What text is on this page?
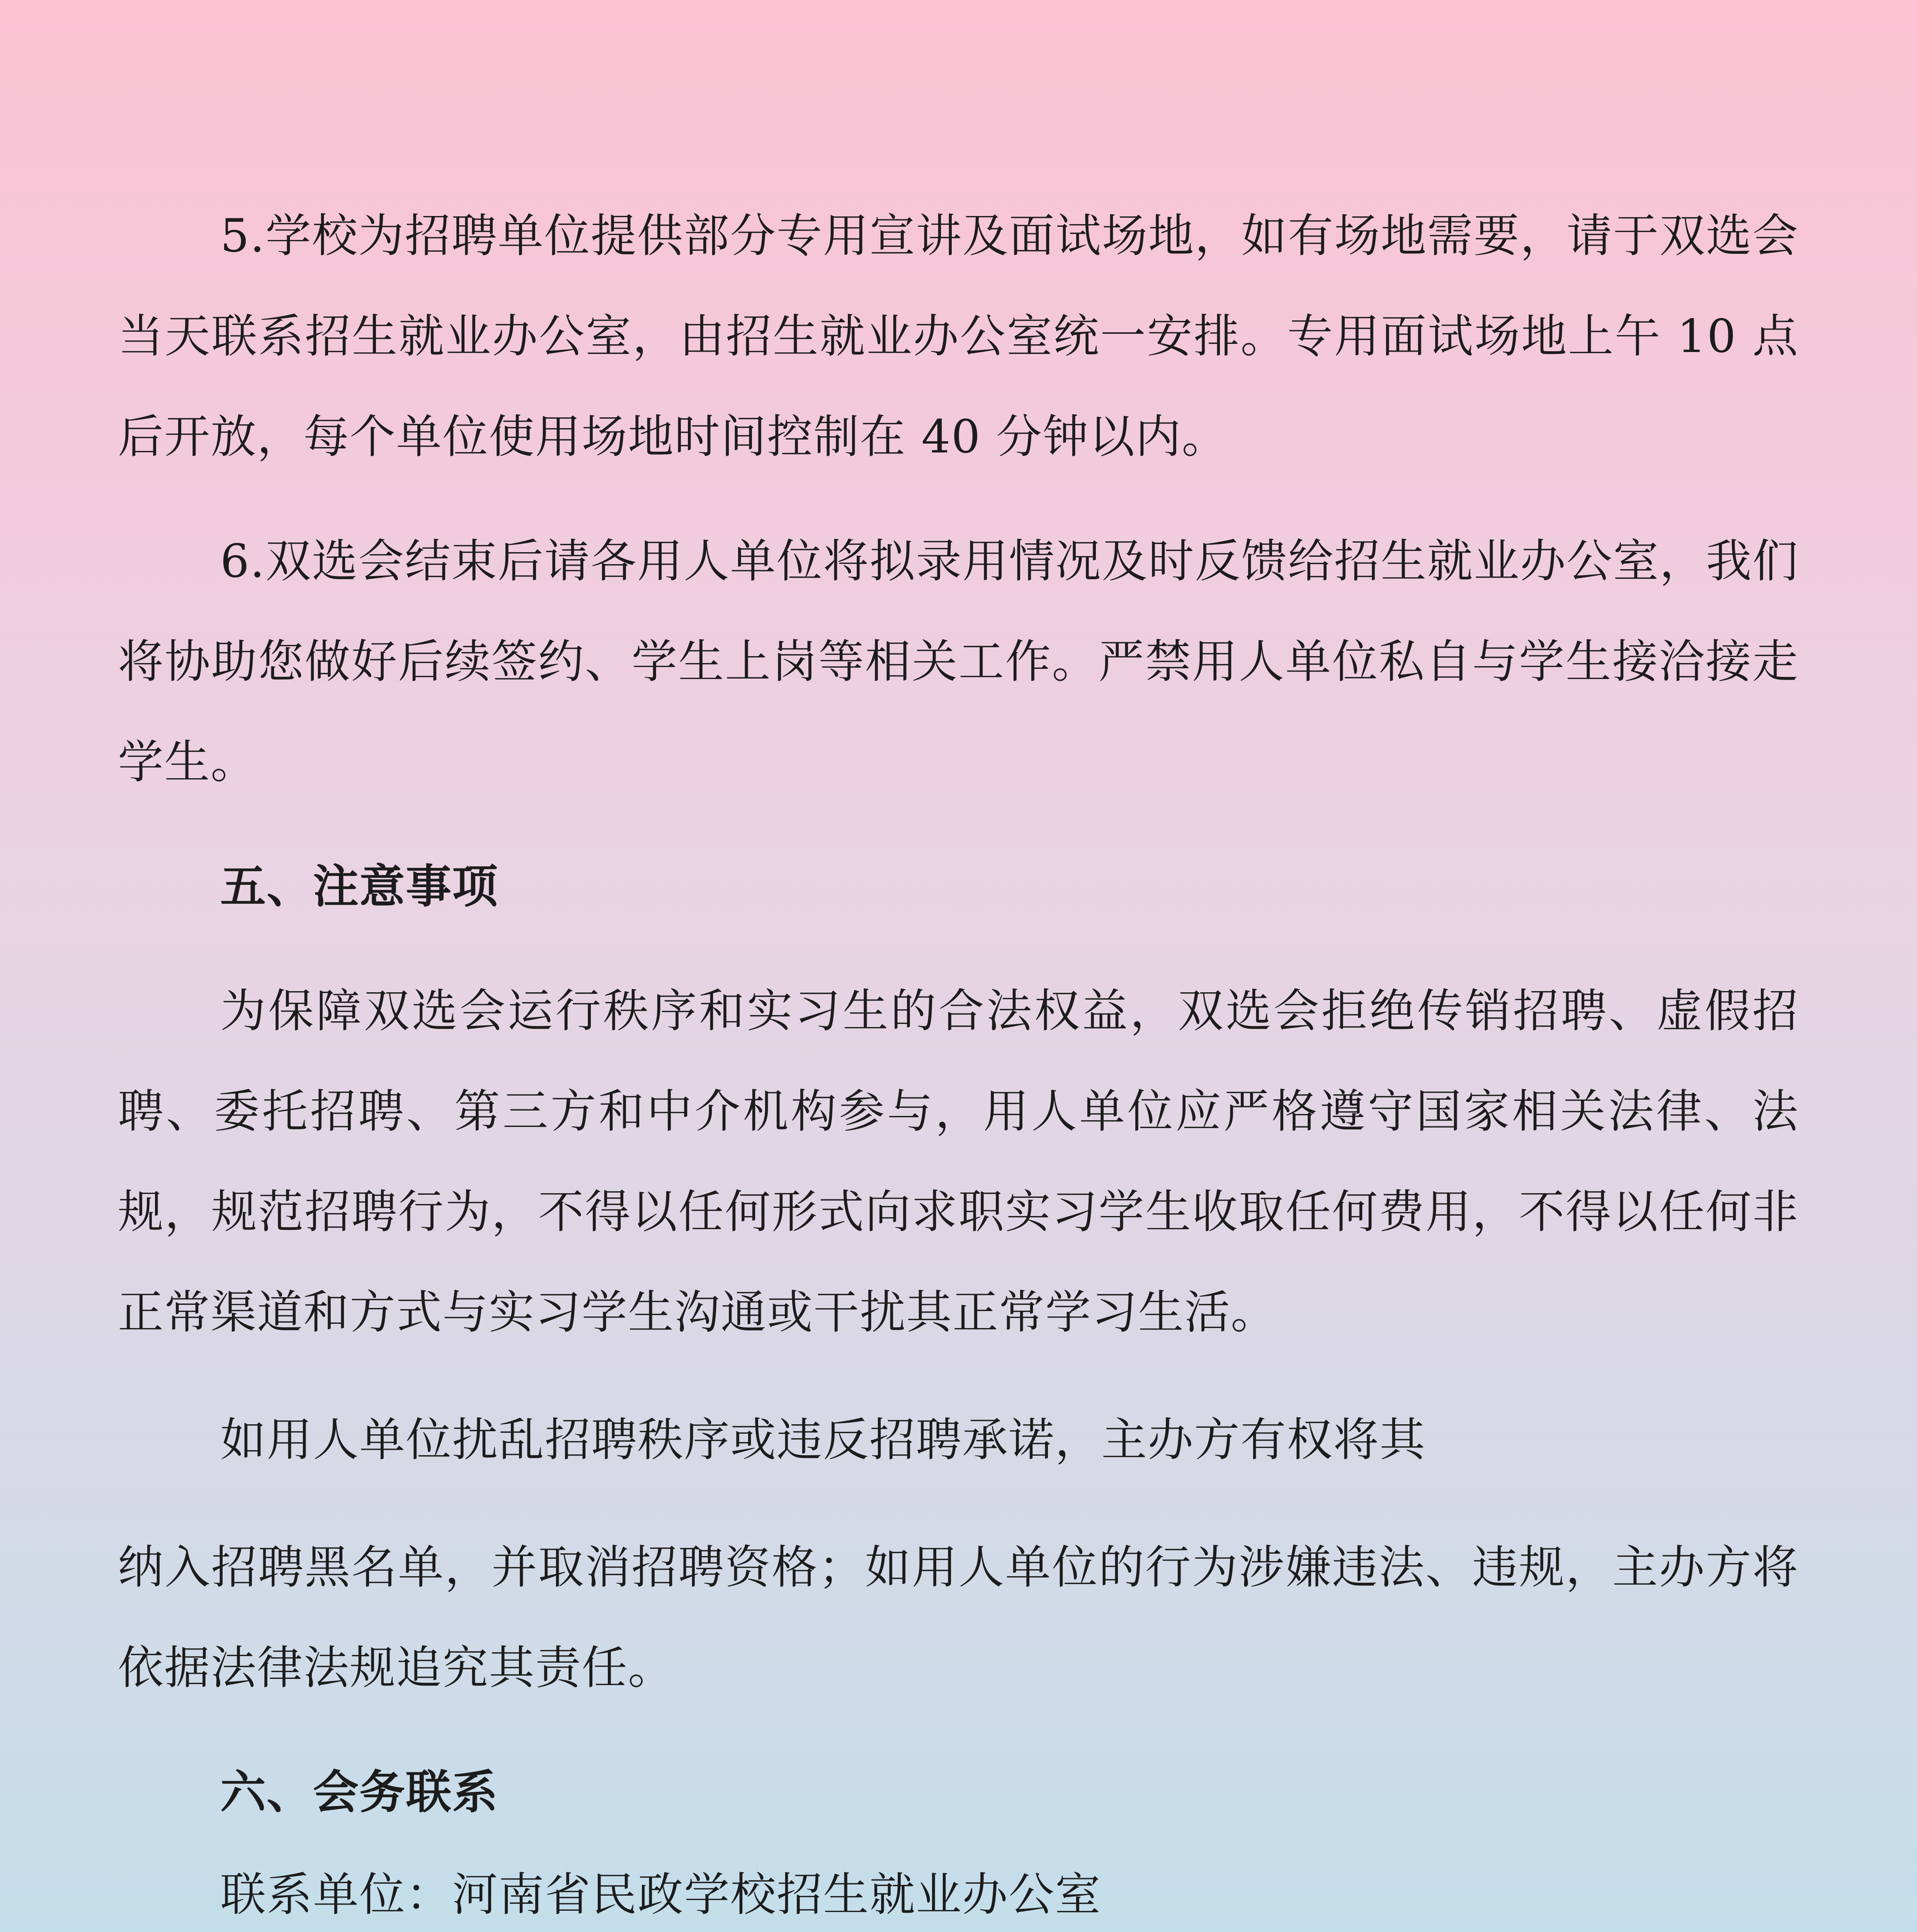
5.学校为招聘单位提供部分专用宣讲及面试场地，如有场地需要，请于双选会当天联系招生就业办公室，由招生就业办公室统一安排。专用面试场地上午 10 点后开放，每个单位使用场地时间控制在 40 分钟以内。

6.双选会结束后请各用人单位将拟录用情况及时反馈给招生就业办公室，我们将协助您做好后续签约、学生上岗等相关工作。严禁用人单位私自与学生接洽接走学生。

五、注意事项

为保障双选会运行秩序和实习生的合法权益，双选会拒绝传销招聘、虚假招聘、委托招聘、第三方和中介机构参与，用人单位应严格遵守国家相关法律、法规，规范招聘行为，不得以任何形式向求职实习学生收取任何费用，不得以任何非正常渠道和方式与实习学生沟通或干扰其正常学习生活。

如用人单位扰乱招聘秩序或违反招聘承诺，主办方有权将其

纳入招聘黑名单，并取消招聘资格；如用人单位的行为涉嫌违法、违规，主办方将依据法律法规追究其责任。

六、会务联系

联系单位：河南省民政学校招生就业办公室
